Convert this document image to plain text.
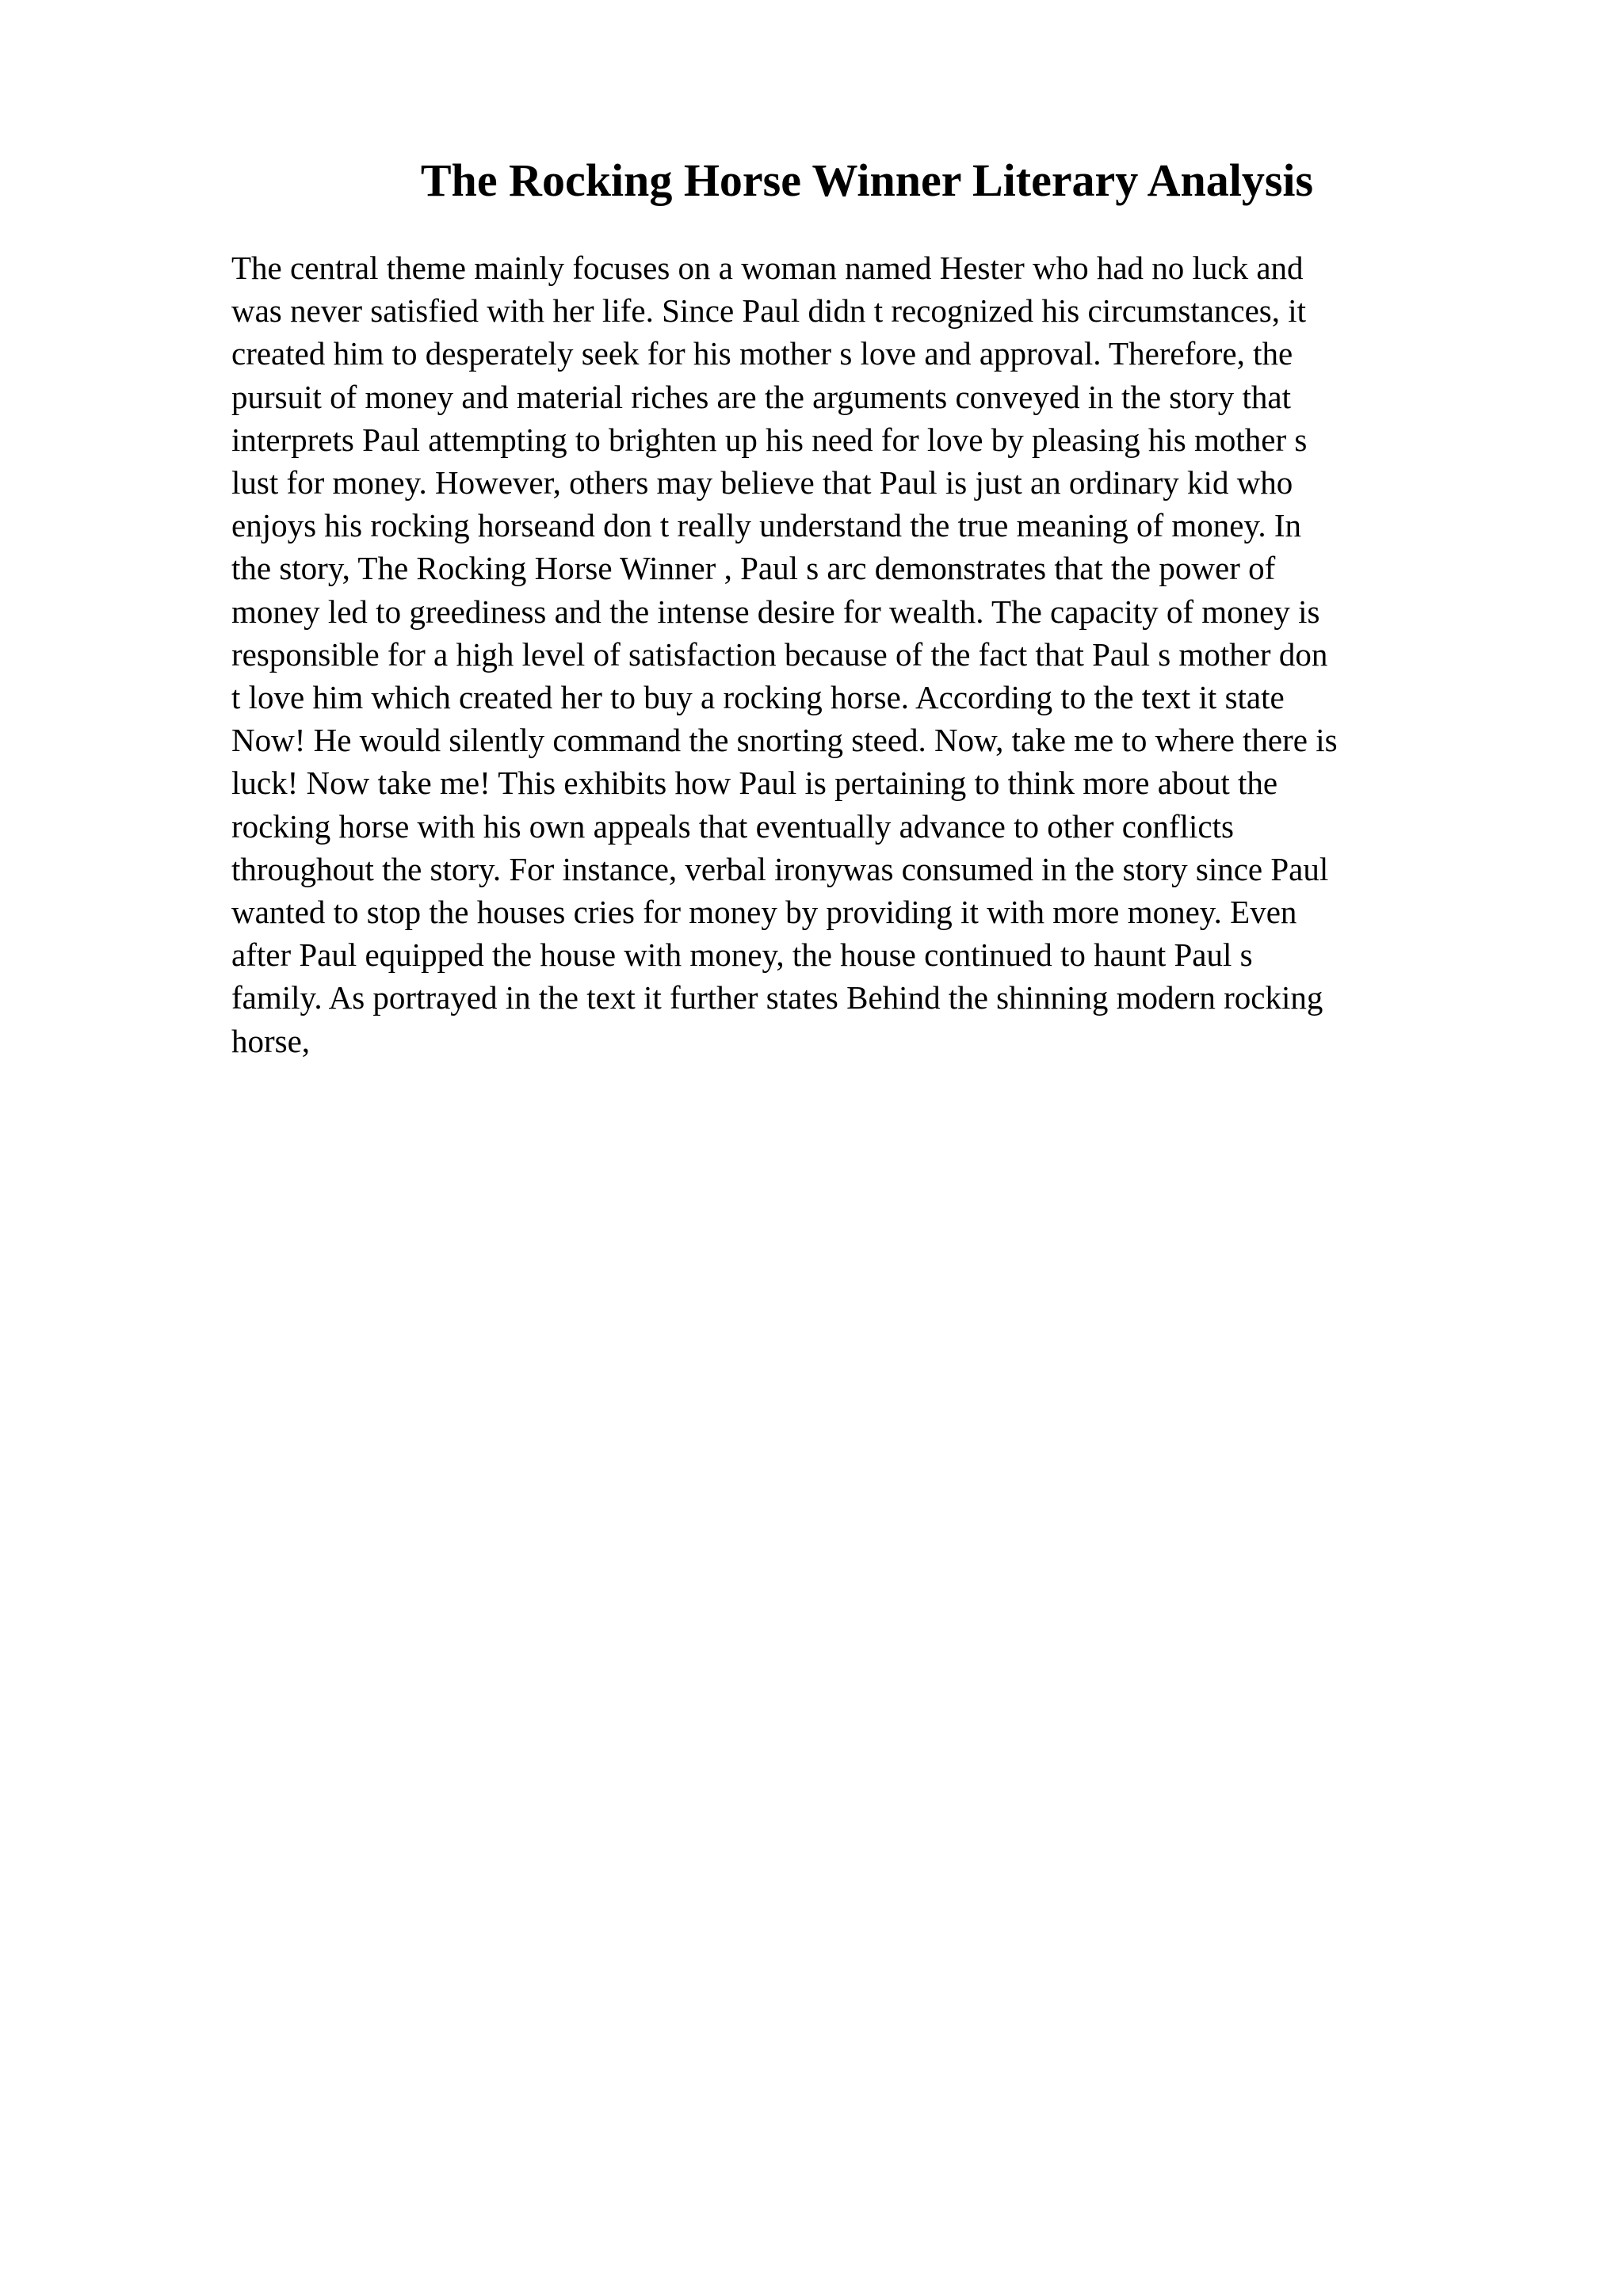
The Rocking Horse Winner Literary Analysis
The central theme mainly focuses on a woman named Hester who had no luck and
was never satisfied with her life. Since Paul didn t recognized his circumstances, it
created him to desperately seek for his mother s love and approval. Therefore, the
pursuit of money and material riches are the arguments conveyed in the story that
interprets Paul attempting to brighten up his need for love by pleasing his mother s
lust for money. However, others may believe that Paul is just an ordinary kid who
enjoys his rocking horseand don t really understand the true meaning of money. In
the story, The Rocking Horse Winner , Paul s arc demonstrates that the power of
money led to greediness and the intense desire for wealth. The capacity of money is
responsible for a high level of satisfaction because of the fact that Paul s mother don
t love him which created her to buy a rocking horse. According to the text it state
Now! He would silently command the snorting steed. Now, take me to where there is
luck! Now take me! This exhibits how Paul is pertaining to think more about the
rocking horse with his own appeals that eventually advance to other conflicts
throughout the story. For instance, verbal ironywas consumed in the story since Paul
wanted to stop the houses cries for money by providing it with more money. Even
after Paul equipped the house with money, the house continued to haunt Paul s
family. As portrayed in the text it further states Behind the shinning modern rocking
horse,
